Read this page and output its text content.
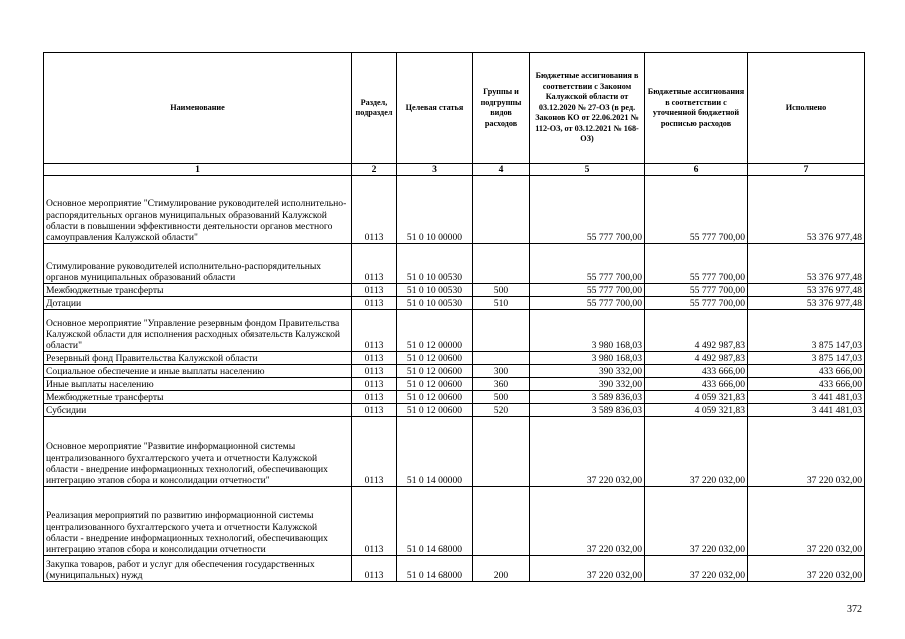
Наименование	Раздел, подраздел	Целевая статья	Группы и подгруппы видов расходов	Бюджетные ассигнования в соответствии с Законом Калужской области от 03.12.2020 № 27-ОЗ (в ред. Законов КО от 22.06.2021 № 112-ОЗ, от 03.12.2021 № 168-ОЗ)	Бюджетные ассигнования в соответствии с уточненной бюджетной росписью расходов	Исполнено
1	2	3	4	5	6	7
Основное мероприятие "Стимулирование руководителей исполнительно-распорядительных органов муниципальных образований Калужской области в повышении эффективности деятельности органов местного самоуправления Калужской области"	0113	51 0 10 00000		55 777 700,00	55 777 700,00	53 376 977,48
Стимулирование руководителей исполнительно-распорядительных органов муниципальных образований области	0113	51 0 10 00530		55 777 700,00	55 777 700,00	53 376 977,48
Межбюджетные трансферты	0113	51 0 10 00530	500	55 777 700,00	55 777 700,00	53 376 977,48
Дотации	0113	51 0 10 00530	510	55 777 700,00	55 777 700,00	53 376 977,48
Основное мероприятие "Управление резервным фондом Правительства Калужской области для исполнения расходных обязательств Калужской области"	0113	51 0 12 00000		3 980 168,03	4 492 987,83	3 875 147,03
Резервный фонд Правительства Калужской области	0113	51 0 12 00600		3 980 168,03	4 492 987,83	3 875 147,03
Социальное обеспечение и иные выплаты населению	0113	51 0 12 00600	300	390 332,00	433 666,00	433 666,00
Иные выплаты населению	0113	51 0 12 00600	360	390 332,00	433 666,00	433 666,00
Межбюджетные трансферты	0113	51 0 12 00600	500	3 589 836,03	4 059 321,83	3 441 481,03
Субсидии	0113	51 0 12 00600	520	3 589 836,03	4 059 321,83	3 441 481,03
Основное мероприятие "Развитие информационной системы централизованного бухгалтерского учета и отчетности Калужской области - внедрение информационных технологий, обеспечивающих интеграцию этапов сбора и консолидации отчетности"	0113	51 0 14 00000		37 220 032,00	37 220 032,00	37 220 032,00
Реализация мероприятий по развитию информационной системы централизованного бухгалтерского учета и отчетности Калужской области - внедрение информационных технологий, обеспечивающих интеграцию этапов сбора и консолидации отчетности	0113	51 0 14 68000		37 220 032,00	37 220 032,00	37 220 032,00
Закупка товаров, работ и услуг для обеспечения государственных (муниципальных) нужд	0113	51 0 14 68000	200	37 220 032,00	37 220 032,00	37 220 032,00
372
